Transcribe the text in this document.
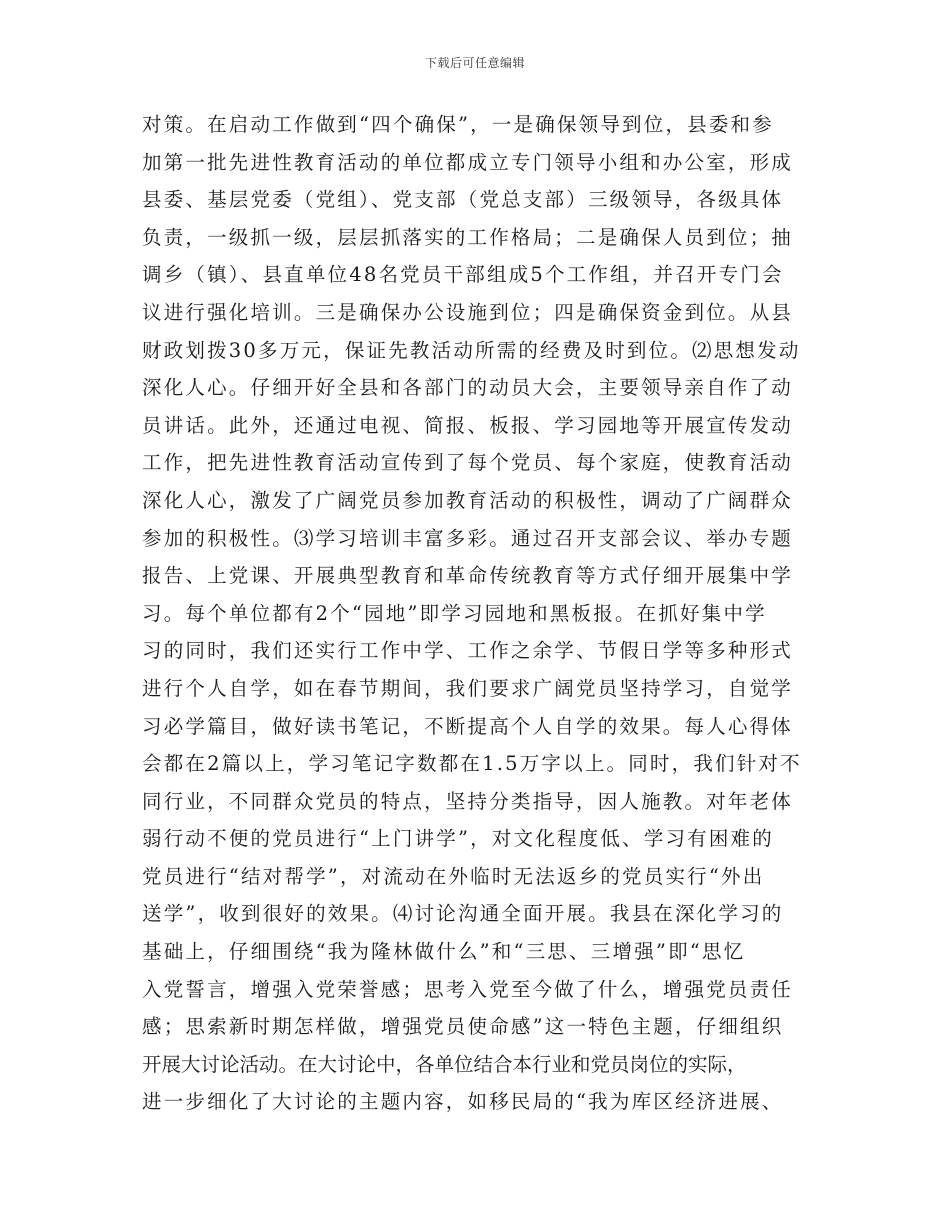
下载后可任意编辑
对策。在启动工作做到“四个确保”，一是确保领导到位，县委和参
加第一批先进性教育活动的单位都成立专门领导小组和办公室，形成
县委、基层党委（党组）、党支部（党总支部）三级领导，各级具体
负责，一级抓一级，层层抓落实的工作格局；二是确保人员到位；抽
调乡（镇）、县直单位48名党员干部组成5个工作组，并召开专门会
议进行强化培训。三是确保办公设施到位；四是确保资金到位。从县
财政划拨30多万元，保证先教活动所需的经费及时到位。⑵思想发动
深化人心。仔细开好全县和各部门的动员大会，主要领导亲自作了动
员讲话。此外，还通过电视、简报、板报、学习园地等开展宣传发动
工作，把先进性教育活动宣传到了每个党员、每个家庭，使教育活动
深化人心，激发了广阔党员参加教育活动的积极性，调动了广阔群众
参加的积极性。⑶学习培训丰富多彩。通过召开支部会议、举办专题
报告、上党课、开展典型教育和革命传统教育等方式仔细开展集中学
习。每个单位都有2个“园地”即学习园地和黑板报。在抓好集中学
习的同时，我们还实行工作中学、工作之余学、节假日学等多种形式
进行个人自学，如在春节期间，我们要求广阔党员坚持学习，自觉学
习必学篇目，做好读书笔记，不断提高个人自学的效果。每人心得体
会都在2篇以上，学习笔记字数都在1.5万字以上。同时，我们针对不
同行业，不同群众党员的特点，坚持分类指导，因人施教。对年老体
弱行动不便的党员进行“上门讲学”，对文化程度低、学习有困难的
党员进行“结对帮学”，对流动在外临时无法返乡的党员实行“外出
送学”，收到很好的效果。⑷讨论沟通全面开展。我县在深化学习的
基础上，仔细围绕“我为隆林做什么”和“三思、三增强”即“思忆
入党誓言，增强入党荣誉感；思考入党至今做了什么，增强党员责任
感；思索新时期怎样做，增强党员使命感”这一特色主题，仔细组织
开展大讨论活动。在大讨论中，各单位结合本行业和党员岗位的实际，
进一步细化了大讨论的主题内容，如移民局的“我为库区经济进展、
